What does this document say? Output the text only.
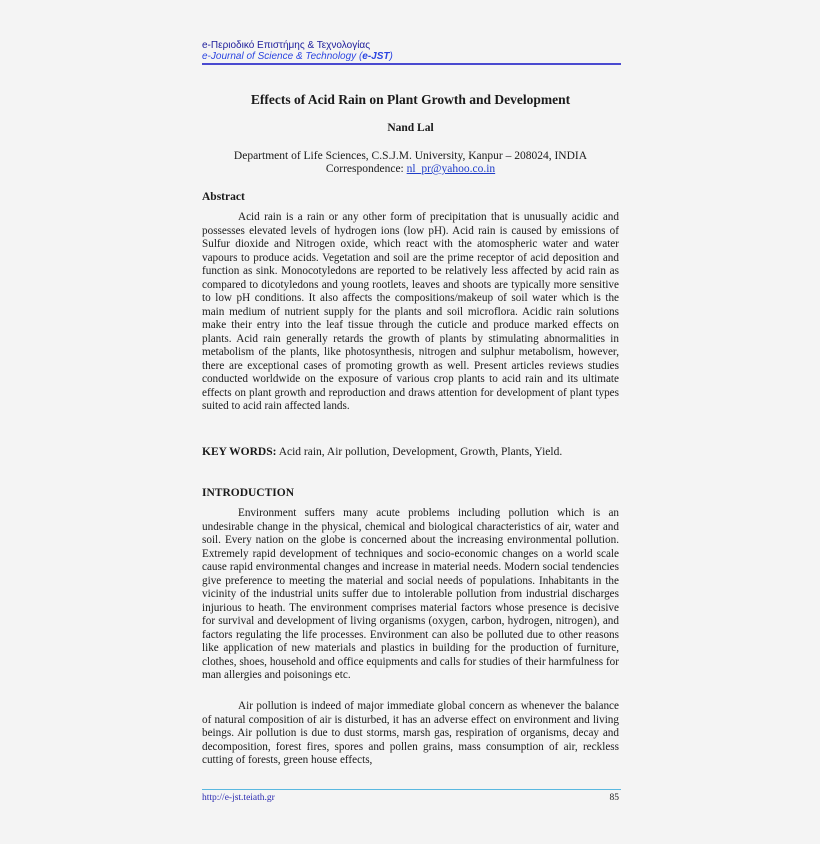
e-Περιοδικό Επιστήμης & Τεχνολογίας
e-Journal of Science & Technology (e-JST)
Effects of Acid Rain on Plant Growth and Development
Nand Lal
Department of Life Sciences, C.S.J.M. University, Kanpur – 208024, INDIA
Correspondence: nl_pr@yahoo.co.in
Abstract
Acid rain is a rain or any other form of precipitation that is unusually acidic and possesses elevated levels of hydrogen ions (low pH). Acid rain is caused by emissions of Sulfur dioxide and Nitrogen oxide, which react with the atomospheric water and water vapours to produce acids. Vegetation and soil are the prime receptor of acid deposition and function as sink. Monocotyledons are reported to be relatively less affected by acid rain as compared to dicotyledons and young rootlets, leaves and shoots are typically more sensitive to low pH conditions. It also affects the compositions/makeup of soil water which is the main medium of nutrient supply for the plants and soil microflora. Acidic rain solutions make their entry into the leaf tissue through the cuticle and produce marked effects on plants. Acid rain generally retards the growth of plants by stimulating abnormalities in metabolism of the plants, like photosynthesis, nitrogen and sulphur metabolism, however, there are exceptional cases of promoting growth as well. Present articles reviews studies conducted worldwide on the exposure of various crop plants to acid rain and its ultimate effects on plant growth and reproduction and draws attention for development of plant types suited to acid rain affected lands.
KEY WORDS: Acid rain, Air pollution, Development, Growth, Plants, Yield.
INTRODUCTION
Environment suffers many acute problems including pollution which is an undesirable change in the physical, chemical and biological characteristics of air, water and soil. Every nation on the globe is concerned about the increasing environmental pollution. Extremely rapid development of techniques and socio-economic changes on a world scale cause rapid environmental changes and increase in material needs. Modern social tendencies give preference to meeting the material and social needs of populations. Inhabitants in the vicinity of the industrial units suffer due to intolerable pollution from industrial discharges injurious to heath. The environment comprises material factors whose presence is decisive for survival and development of living organisms (oxygen, carbon, hydrogen, nitrogen), and factors regulating the life processes. Environment can also be polluted due to other reasons like application of new materials and plastics in building for the production of furniture, clothes, shoes, household and office equipments and calls for studies of their harmfulness for man allergies and poisonings etc.
Air pollution is indeed of major immediate global concern as whenever the balance of natural composition of air is disturbed, it has an adverse effect on environment and living beings. Air pollution is due to dust storms, marsh gas, respiration of organisms, decay and decomposition, forest fires, spores and pollen grains, mass consumption of air, reckless cutting of forests, green house effects,
http://e-jst.teiath.gr	85
